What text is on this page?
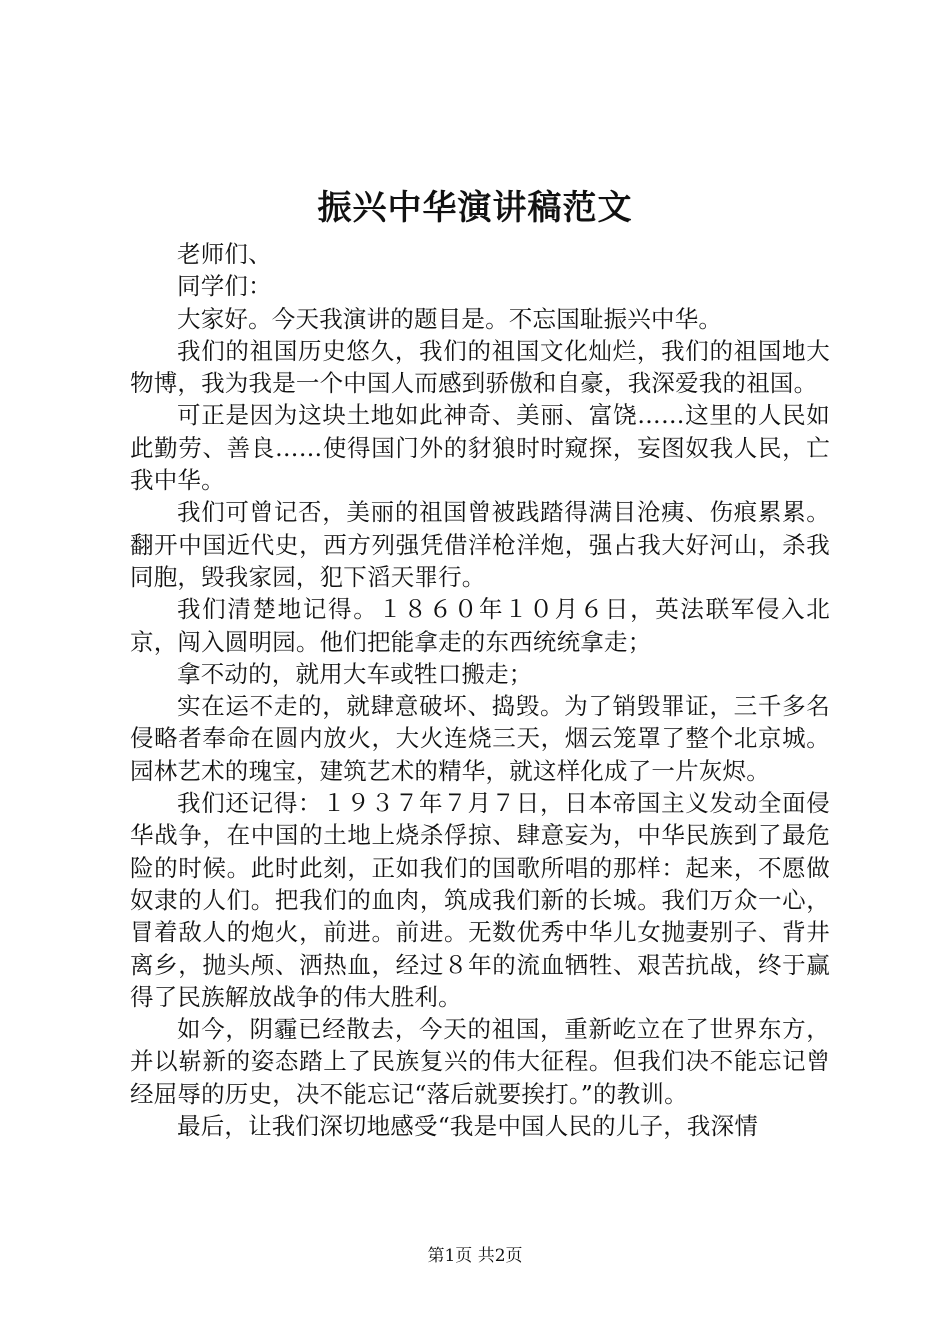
振兴中华演讲稿范文

老师们、

同学们：

大家好。今天我演讲的题目是。不忘国耻振兴中华。

我们的祖国历史悠久，我们的祖国文化灿烂，我们的祖国地大物博，我为我是一个中国人而感到骄傲和自豪，我深爱我的祖国。

可正是因为这块土地如此神奇、美丽、富饶……这里的人民如此勤劳、善良……使得国门外的豺狼时时窥探，妄图奴我人民，亡我中华。

我们可曾记否，美丽的祖国曾被践踏得满目沧痍、伤痕累累。翻开中国近代史，西方列强凭借洋枪洋炮，强占我大好河山，杀我同胞，毁我家园，犯下滔天罪行。

我们清楚地记得。１８６０年１０月６日，英法联军侵入北京，闯入圆明园。他们把能拿走的东西统统拿走；

拿不动的，就用大车或牲口搬走；

实在运不走的，就肆意破坏、捣毁。为了销毁罪证，三千多名侵略者奉命在圆内放火，大火连烧三天，烟云笼罩了整个北京城。园林艺术的瑰宝，建筑艺术的精华，就这样化成了一片灰烬。

我们还记得：１９３７年７月７日，日本帝国主义发动全面侵华战争，在中国的土地上烧杀俘掠、肆意妄为，中华民族到了最危险的时候。此时此刻，正如我们的国歌所唱的那样：起来，不愿做奴隶的人们。把我们的血肉，筑成我们新的长城。我们万众一心，冒着敌人的炮火，前进。前进。无数优秀中华儿女抛妻别子、背井离乡，抛头颅、洒热血，经过８年的流血牺牲、艰苦抗战，终于赢得了民族解放战争的伟大胜利。

如今，阴霾已经散去，今天的祖国，重新屹立在了世界东方，并以崭新的姿态踏上了民族复兴的伟大征程。但我们决不能忘记曾经屈辱的历史，决不能忘记“落后就要挨打。”的教训。

最后，让我们深切地感受“我是中国人民的儿子，我深情

第1页 共2页
